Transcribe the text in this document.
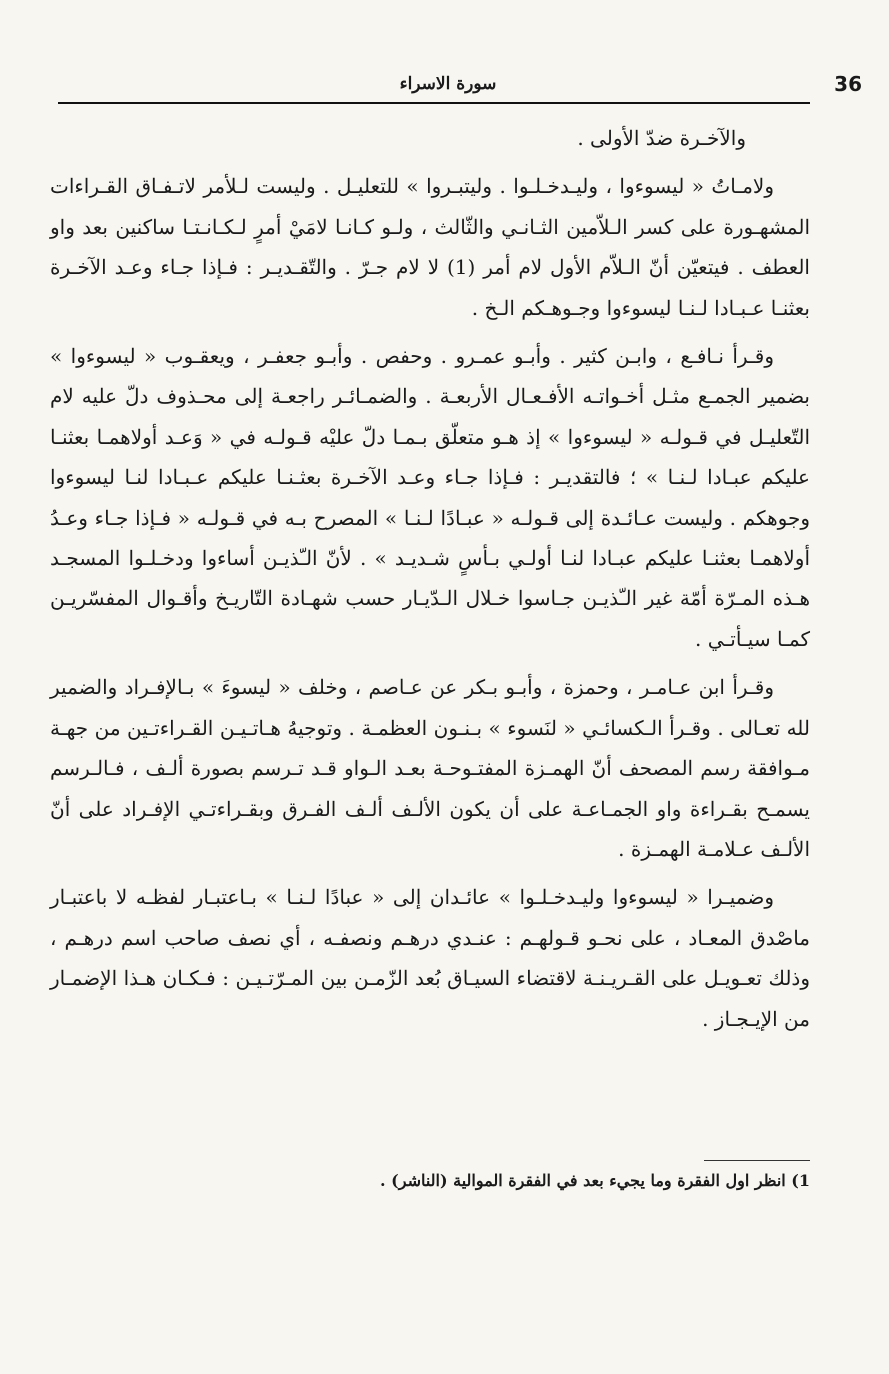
36
سورة الاسراء

والآخـرة ضدّ الأولى .

ولامـاتُ « ليسوءوا ، وليـدخـلـوا . وليتبـروا » للتعليـل . وليست لـلأمر لاتـفـاق القـراءات المشهـورة على كسر الـلاّمين الثـانـي والثّالث ، ولـو كـانـا لامَيْ أمرٍ لـكـانـتـا ساكنين بعد واو العطف . فيتعيّن أنّ الـلاّم الأول لام أمر (1) لا لام جـرّ . والتّقـديـر : فـإذا جـاء وعـد الآخـرة بعثنـا عـبـادا لـنـا ليسوءوا وجـوهـكم الـخ .

وقـرأ نـافـع ، وابـن كثير . وأبـو عمـرو . وحفص . وأبـو جعفـر ، ويعقـوب « ليسوءوا » بضمير الجمـع مثـل أخـواتـه الأفـعـال الأربعـة . والضمـائـر راجعـة إلى محـذوف دلّ عليه لام التّعليـل في قـولـه « ليسوءوا » إذ هـو متعلّق بـمـا دلّ عليْه قـولـه في « وَعـد أولاهمـا بعثنـا عليكم عبـادا لـنـا » ؛ فالتقديـر : فـإذا جـاء وعـد الآخـرة بعثـنـا عليكم عـبـادا لنـا ليسوءوا وجوهكم . وليست عـائـدة إلى قـولـه « عبـادًا لـنـا » المصرح بـه في قـولـه « فـإذا جـاء وعـدُ أولاهمـا بعثنـا عليكم عبـادا لنـا أولـي بـأسٍ شـديـد » . لأنّ الـّذيـن أساءوا ودخـلـوا المسجـد هـذه المـرّة أمّة غير الـّذيـن جـاسوا خـلال الـدّيـار حسب شهـادة التّاريـخ وأقـوال المفسّريـن كمـا سيـأتـي .

وقـرأ ابن عـامـر ، وحمزة ، وأبـو بـكر عن عـاصم ، وخلف « ليسوءَ » بـالإفـراد والضمير لله تعـالى . وقـرأ الـكسائـي « لنَسوء » بـنـون العظمـة . وتوجيهُ هـاتـيـن القـراءتـين من جهـة مـوافقة رسم المصحف أنّ الهمـزة المفتـوحـة بعـد الـواو قـد تـرسم بصورة ألـف ، فـالـرسم يسمـح بقـراءة واو الجمـاعـة على أن يكون الألـف ألـف الفـرق وبقـراءتـي الإفـراد على أنّ الألـف عـلامـة الهمـزة .

وضميـرا « ليسوءوا وليـدخـلـوا » عائـدان إلى « عبادًا لـنـا » بـاعتبـار لفظـه لا باعتبـار ماصْدق المعـاد ، على نحـو قـولهـم : عنـدي درهـم ونصفـه ، أي نصف صاحب اسم درهـم ، وذلك تعـويـل على القـريـنـة لاقتضاء السيـاق بُعد الزّمـن بين المـرّتـيـن : فـكـان هـذا الإضمـار من الإيـجـاز .

1) انظر اول الفقرة وما يجيء بعد في الفقرة الموالية (الناشر) .
